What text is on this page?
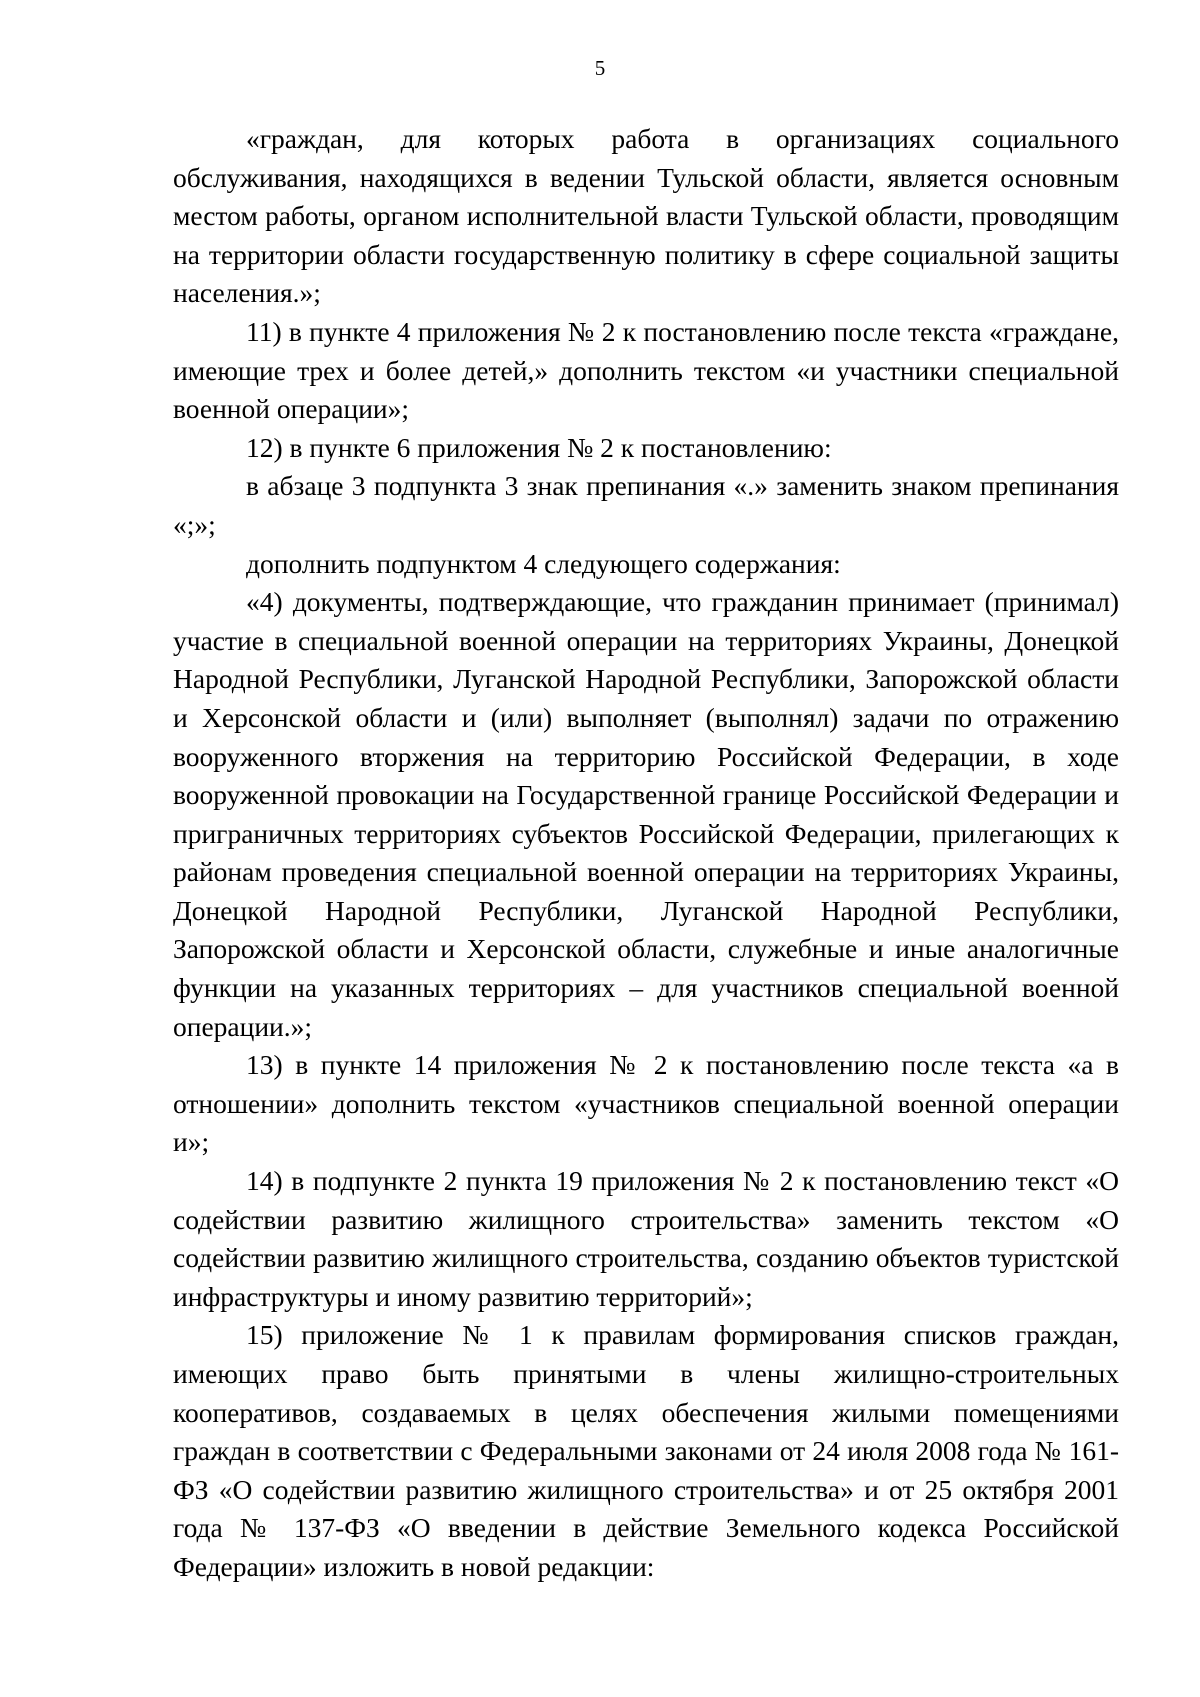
5

«граждан, для которых работа в организациях социального обслуживания, находящихся в ведении Тульской области, является основным местом работы, органом исполнительной власти Тульской области, проводящим на территории области государственную политику в сфере социальной защиты населения.»;

11) в пункте 4 приложения № 2 к постановлению после текста «граждане, имеющие трех и более детей,» дополнить текстом «и участники специальной военной операции»;

12) в пункте 6 приложения № 2 к постановлению:

в абзаце 3 подпункта 3 знак препинания «.» заменить знаком препинания «;»;

дополнить подпунктом 4 следующего содержания:

«4) документы, подтверждающие, что гражданин принимает (принимал) участие в специальной военной операции на территориях Украины, Донецкой Народной Республики, Луганской Народной Республики, Запорожской области и Херсонской области и (или) выполняет (выполнял) задачи по отражению вооруженного вторжения на территорию Российской Федерации, в ходе вооруженной провокации на Государственной границе Российской Федерации и приграничных территориях субъектов Российской Федерации, прилегающих к районам проведения специальной военной операции на территориях Украины, Донецкой Народной Республики, Луганской Народной Республики, Запорожской области и Херсонской области, служебные и иные аналогичные функции на указанных территориях – для участников специальной военной операции.»;

13) в пункте 14 приложения № 2 к постановлению после текста «а в отношении» дополнить текстом «участников специальной военной операции и»;

14) в подпункте 2 пункта 19 приложения № 2 к постановлению текст «О содействии развитию жилищного строительства» заменить текстом «О содействии развитию жилищного строительства, созданию объектов туристской инфраструктуры и иному развитию территорий»;

15) приложение № 1 к правилам формирования списков граждан, имеющих право быть принятыми в члены жилищно-строительных кооперативов, создаваемых в целях обеспечения жилыми помещениями граждан в соответствии с Федеральными законами от 24 июля 2008 года № 161-ФЗ «О содействии развитию жилищного строительства» и от 25 октября 2001 года № 137-ФЗ «О введении в действие Земельного кодекса Российской Федерации» изложить в новой редакции:
